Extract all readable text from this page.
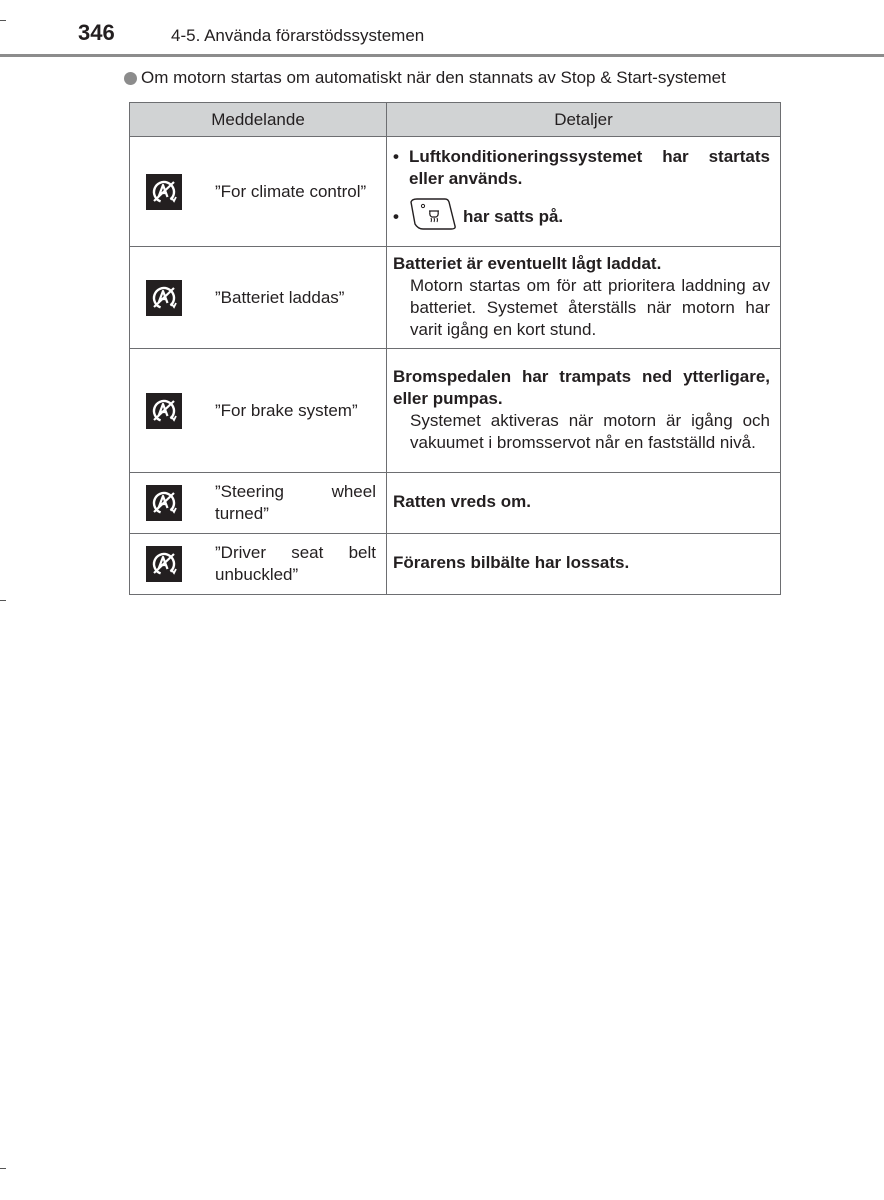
346	4-5. Använda förarstödssystemen
Om motorn startas om automatiskt när den stannats av Stop & Start-systemet
Meddelande	Detaljer

”For climate control”	• Luftkonditioneringssystemet har startats eller används.
• har satts på.

”Batteriet laddas”	Batteriet är eventuellt lågt laddat.
Motorn startas om för att prioritera laddning av batteriet. Systemet återställs när motorn har varit igång en kort stund.

”For brake system”	Bromspedalen har trampats ned ytterligare, eller pumpas.
Systemet aktiveras när motorn är igång och vakuumet i bromsservot når en fastställd nivå.

”Steering wheel turned”	Ratten vreds om.

”Driver seat belt unbuckled”	Förarens bilbälte har lossats.
